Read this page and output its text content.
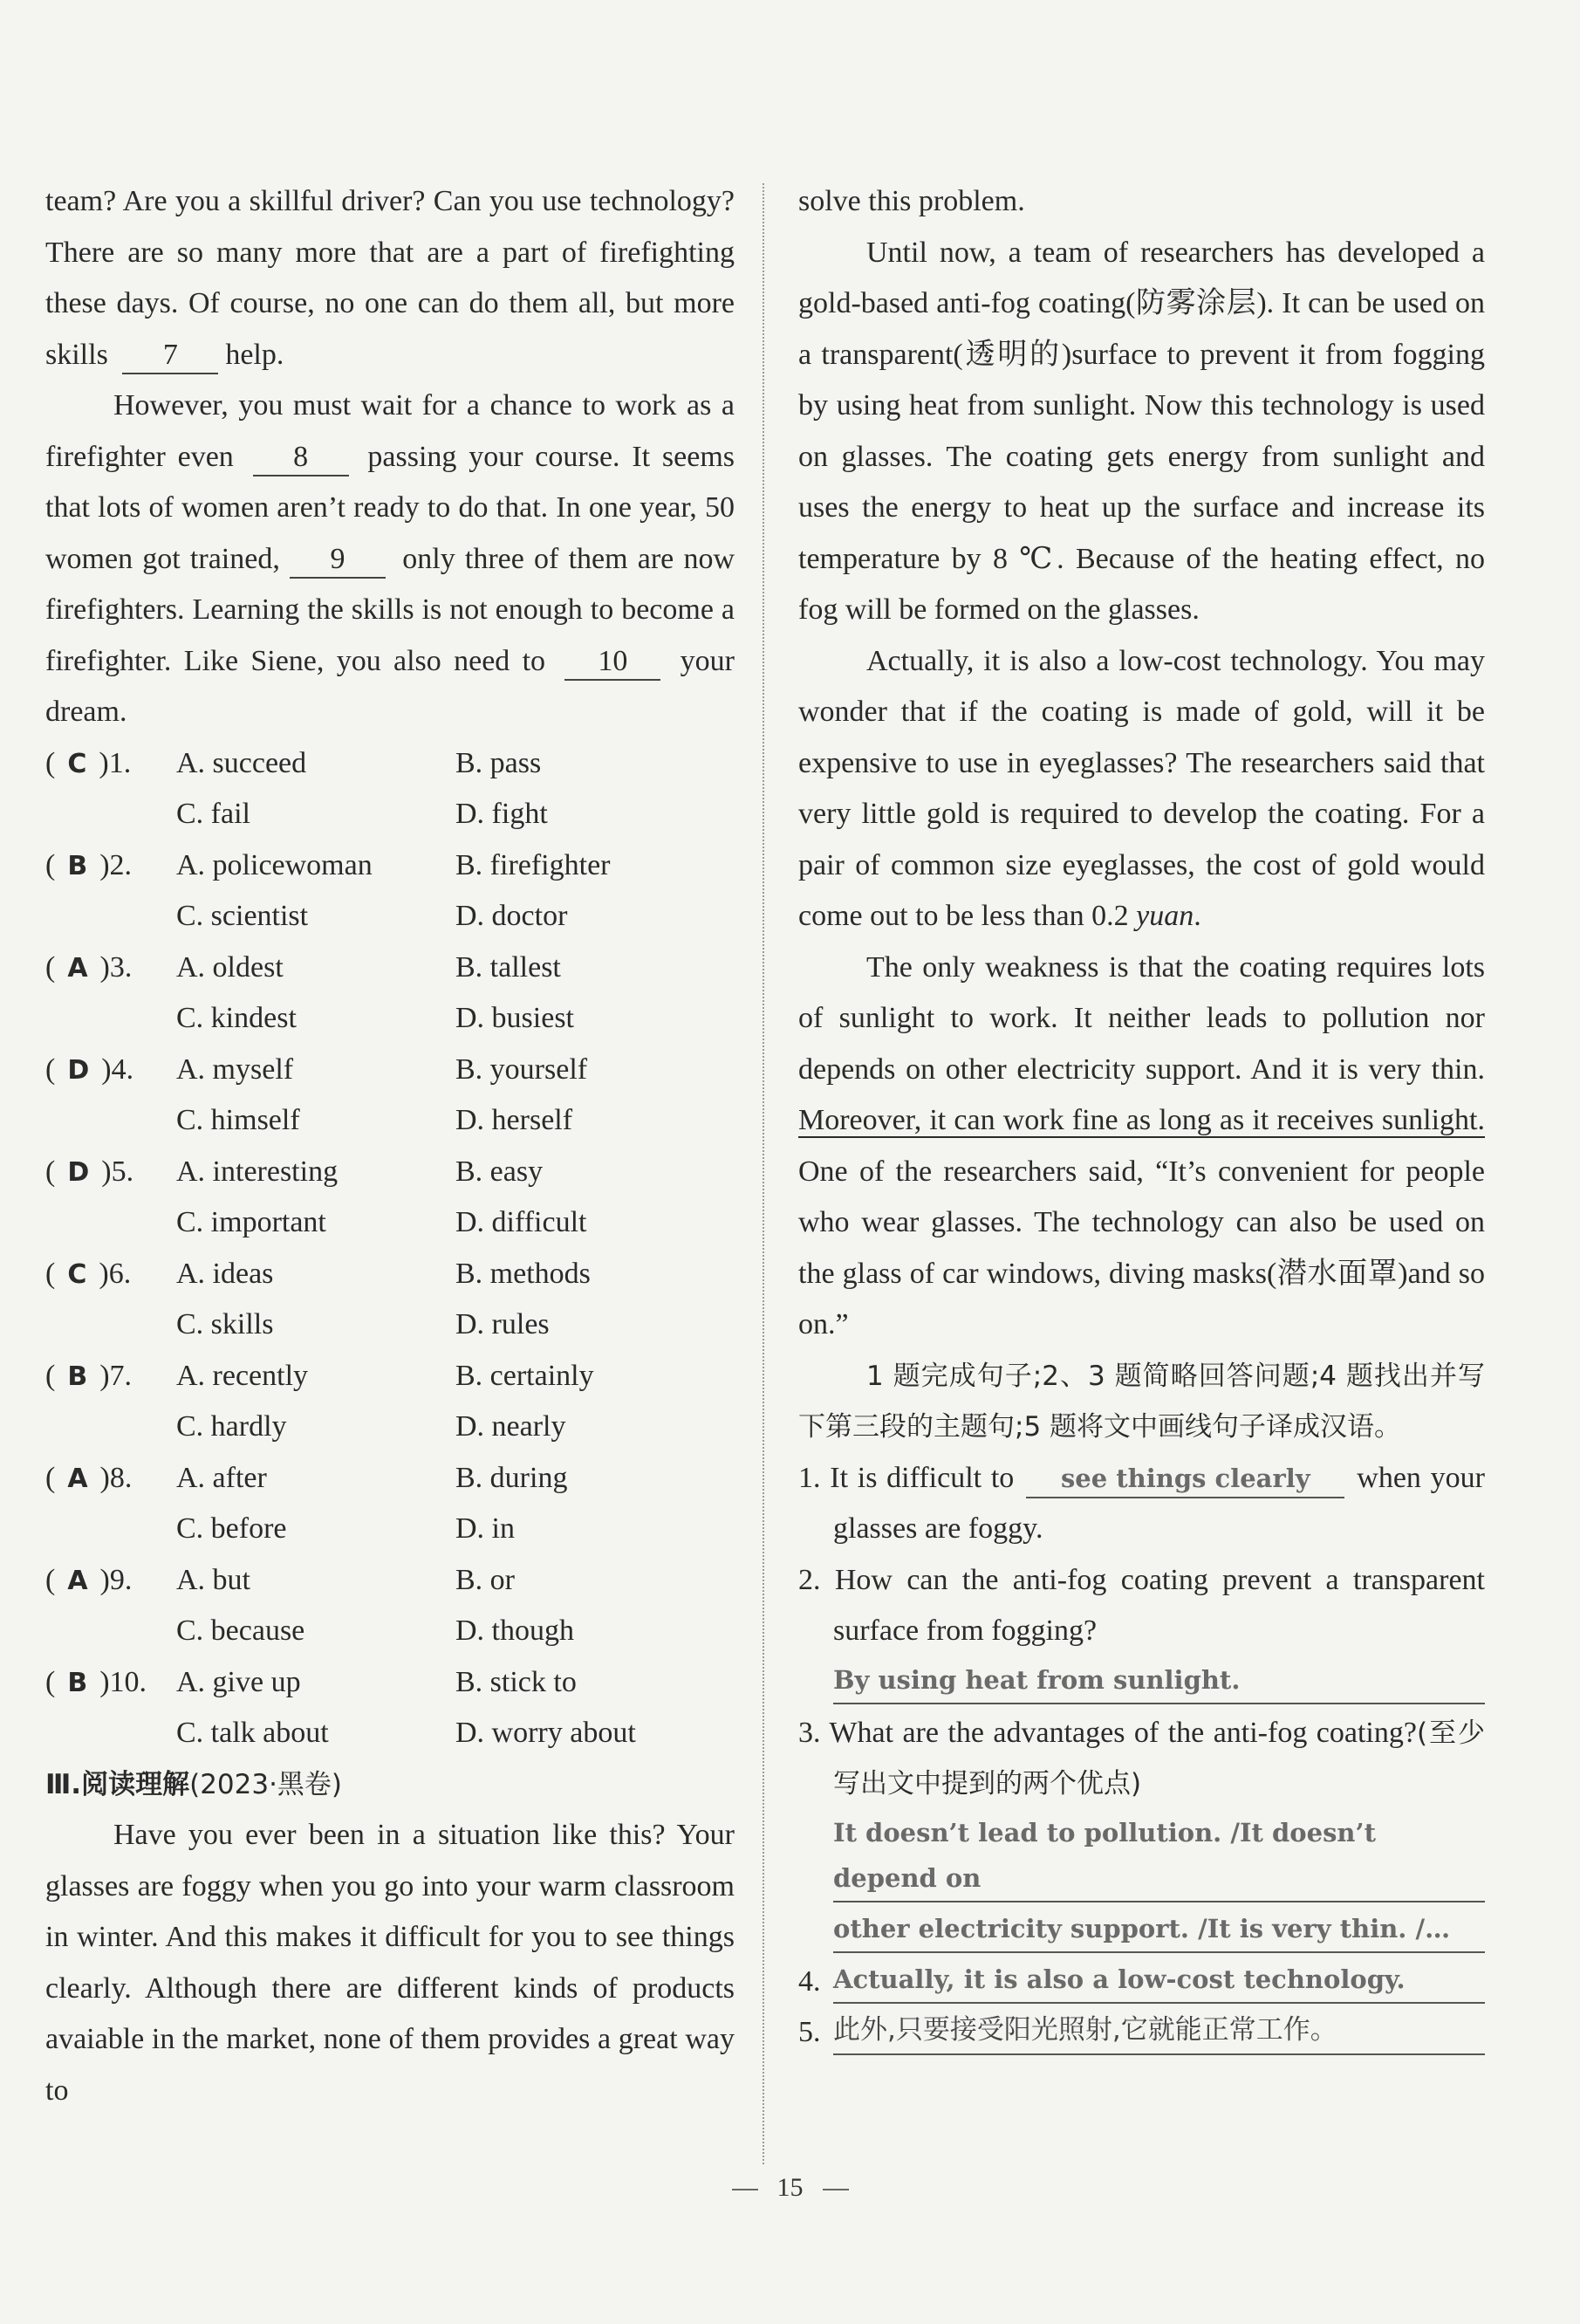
team? Are you a skillful driver? Can you use technology? There are so many more that are a part of firefighting these days. Of course, no one can do them all, but more skills 7 help.
However, you must wait for a chance to work as a firefighter even 8 passing your course. It seems that lots of women aren’t ready to do that. In one year, 50 women got trained, 9 only three of them are now firefighters. Learning the skills is not enough to become a firefighter. Like Siene, you also need to 10 your dream.
( C )1.	A. succeed	B. pass
C. fail	D. fight
( B )2.	A. policewoman	B. firefighter
C. scientist	D. doctor
( A )3.	A. oldest	B. tallest
C. kindest	D. busiest
( D )4.	A. myself	B. yourself
C. himself	D. herself
( D )5.	A. interesting	B. easy
C. important	D. difficult
( C )6.	A. ideas	B. methods
C. skills	D. rules
( B )7.	A. recently	B. certainly
C. hardly	D. nearly
( A )8.	A. after	B. during
C. before	D. in
( A )9.	A. but	B. or
C. because	D. though
( B )10. A. give up	B. stick to
C. talk about	D. worry about
Ⅲ.阅读理解(2023·黑卷)
Have you ever been in a situation like this? Your glasses are foggy when you go into your warm classroom in winter. And this makes it difficult for you to see things clearly. Although there are different kinds of products avaiable in the market, none of them provides a great way to
solve this problem.
Until now, a team of researchers has developed a gold-based anti-fog coating(防雾涂层). It can be used on a transparent(透明的)surface to prevent it from fogging by using heat from sunlight. Now this technology is used on glasses. The coating gets energy from sunlight and uses the energy to heat up the surface and increase its temperature by 8 ℃. Because of the heating effect, no fog will be formed on the glasses.
Actually, it is also a low-cost technology. You may wonder that if the coating is made of gold, will it be expensive to use in eyeglasses? The researchers said that very little gold is required to develop the coating. For a pair of common size eyeglasses, the cost of gold would come out to be less than 0.2 yuan.
The only weakness is that the coating requires lots of sunlight to work. It neither leads to pollution nor depends on other electricity support. And it is very thin. Moreover, it can work fine as long as it receives sunlight. One of the researchers said, “It’s convenient for people who wear glasses. The technology can also be used on the glass of car windows, diving masks(潜水面罩)and so on.”
1 题完成句子;2、3 题简略回答问题;4 题找出并写下第三段的主题句;5 题将文中画线句子译成汉语。
1. It is difficult to see things clearly when your glasses are foggy.
2. How can the anti-fog coating prevent a transparent surface from fogging?
By using heat from sunlight.
3. What are the advantages of the anti-fog coating?(至少写出文中提到的两个优点)
It doesn’t lead to pollution. /It doesn’t depend on
other electricity support. /It is very thin. /…
4. Actually, it is also a low-cost technology.
5. 此外,只要接受阳光照射,它就能正常工作。
15
